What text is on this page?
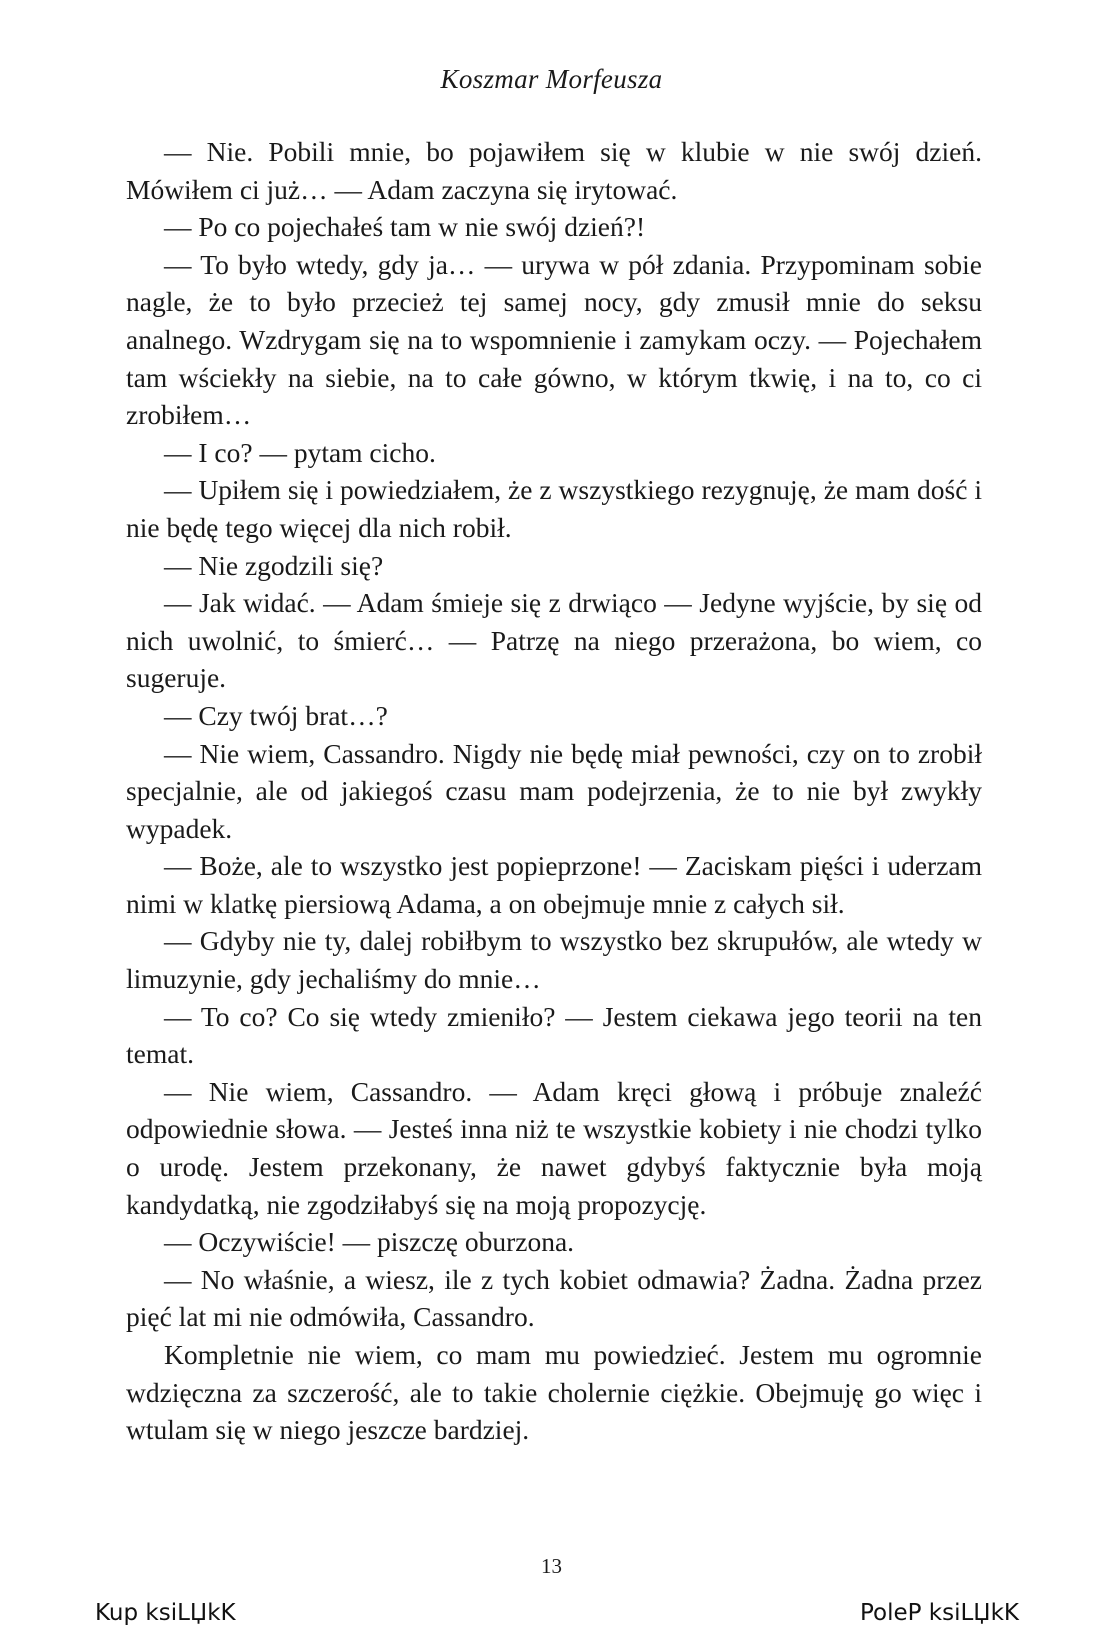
Koszmar Morfeusza

— Nie. Pobili mnie, bo pojawiłem się w klubie w nie swój dzień. Mówiłem ci już… — Adam zaczyna się irytować.

— Po co pojechałeś tam w nie swój dzień?!

— To było wtedy, gdy ja… — urywa w pół zdania. Przypominam sobie nagle, że to było przecież tej samej nocy, gdy zmusił mnie do seksu analnego. Wzdrygam się na to wspomnienie i zamykam oczy. — Pojechałem tam wściekły na siebie, na to całe gówno, w którym tkwię, i na to, co ci zrobiłem…

— I co? — pytam cicho.

— Upiłem się i powiedziałem, że z wszystkiego rezygnuję, że mam dość i nie będę tego więcej dla nich robił.

— Nie zgodzili się?

— Jak widać. — Adam śmieje się z drwiąco — Jedyne wyjście, by się od nich uwolnić, to śmierć… — Patrzę na niego przerażona, bo wiem, co sugeruje.

— Czy twój brat…?

— Nie wiem, Cassandro. Nigdy nie będę miał pewności, czy on to zrobił specjalnie, ale od jakiegoś czasu mam podejrzenia, że to nie był zwykły wypadek.

— Boże, ale to wszystko jest popieprzone! — Zaciskam pięści i uderzam nimi w klatkę piersiową Adama, a on obejmuje mnie z całych sił.

— Gdyby nie ty, dalej robiłbym to wszystko bez skrupułów, ale wtedy w limuzynie, gdy jechaliśmy do mnie…

— To co? Co się wtedy zmieniło? — Jestem ciekawa jego teorii na ten temat.

— Nie wiem, Cassandro. — Adam kręci głową i próbuje znaleźć odpowiednie słowa. — Jesteś inna niż te wszystkie kobiety i nie chodzi tylko o urodę. Jestem przekonany, że nawet gdybyś faktycznie była moją kandydatką, nie zgodziłabyś się na moją propozycję.

— Oczywiście! — piszczę oburzona.

— No właśnie, a wiesz, ile z tych kobiet odmawia? Żadna. Żadna przez pięć lat mi nie odmówiła, Cassandro.

Kompletnie nie wiem, co mam mu powiedzieć. Jestem mu ogromnie wdzięczna za szczerość, ale to takie cholernie ciężkie. Obejmuję go więc i wtulam się w niego jeszcze bardziej.

13
Kup ksiLЏkK	PoleP ksiLЏkK
